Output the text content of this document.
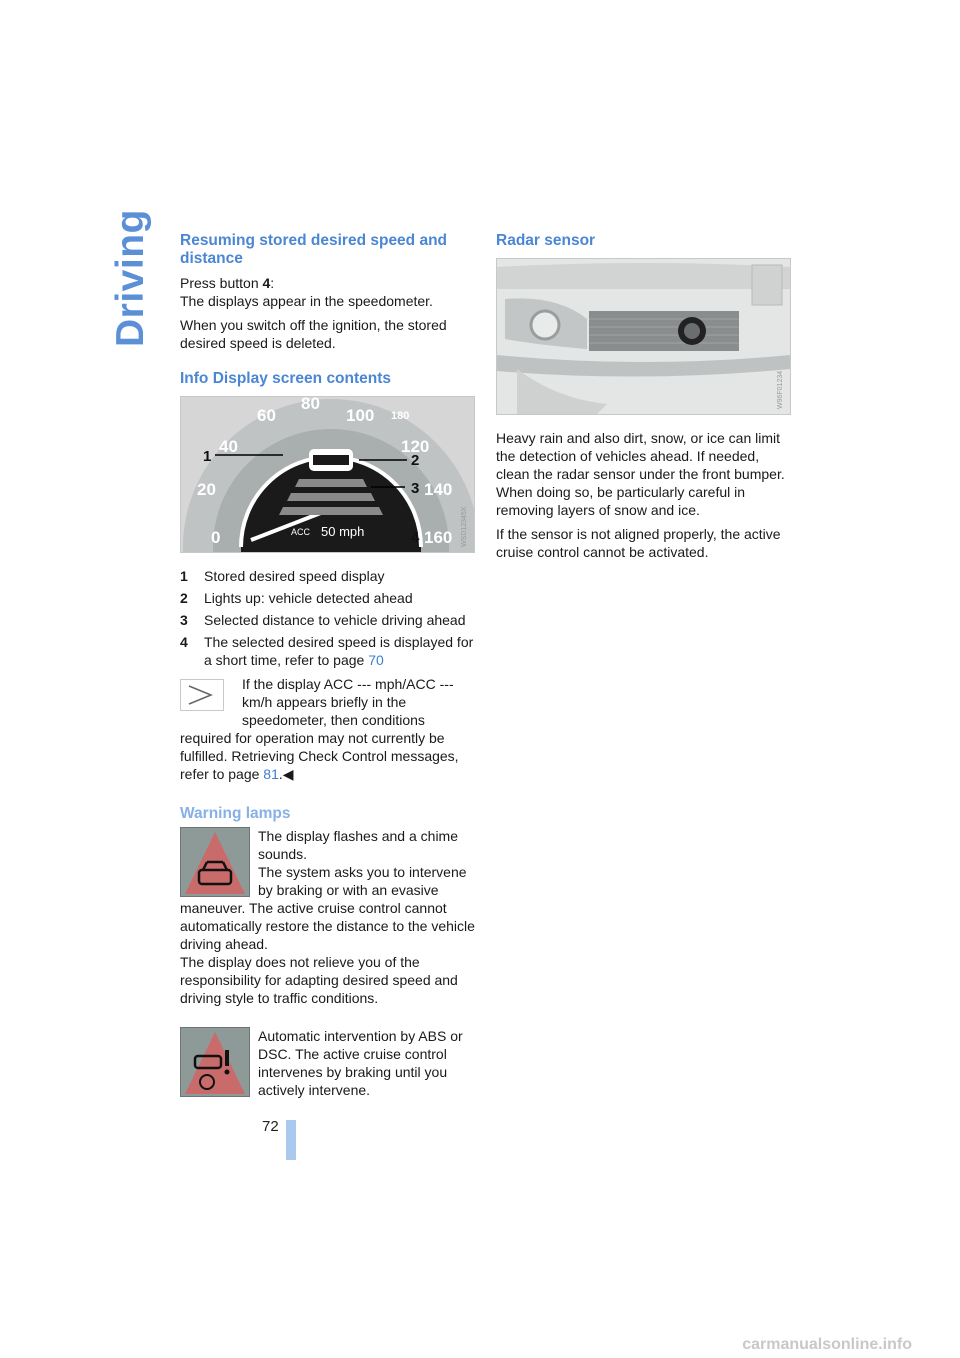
Driving Resuming stored desired speed and distance

Press button 4:

The displays appear in the speedometer.

When you switch off the ignition, the stored desired speed is deleted.

Info Display screen contents
0
20
40
60
80
100
120
140
160
180
1	2
3
4
ACC 50 mph	WSD12345X
1	Stored desired speed display
2	Lights up: vehicle detected ahead
3	Selected distance to vehicle driving ahead
4	The selected desired speed is displayed for a short time, refer to page 70

If the display ACC --- mph/ACC --- km/h appears briefly in the speedometer, then conditions required for operation may not currently be fulfilled. Retrieving Check Control messages, refer to page 81.◀

Warning lamps

The display flashes and a chime sounds.
The system asks you to intervene by braking or with an evasive maneuver. The active cruise control cannot automatically restore the distance to the vehicle driving ahead.
The display does not relieve you of the responsibility for adapting desired speed and driving style to traffic conditions.

Automatic intervention by ABS or DSC. The active cruise control intervenes by braking until you actively intervene.

Radar sensor
W96F01234

Heavy rain and also dirt, snow, or ice can limit the detection of vehicles ahead. If needed, clean the radar sensor under the front bumper. When doing so, be particularly careful in removing layers of snow and ice.

If the sensor is not aligned properly, the active cruise control cannot be activated.

72
carmanualsonline.info
